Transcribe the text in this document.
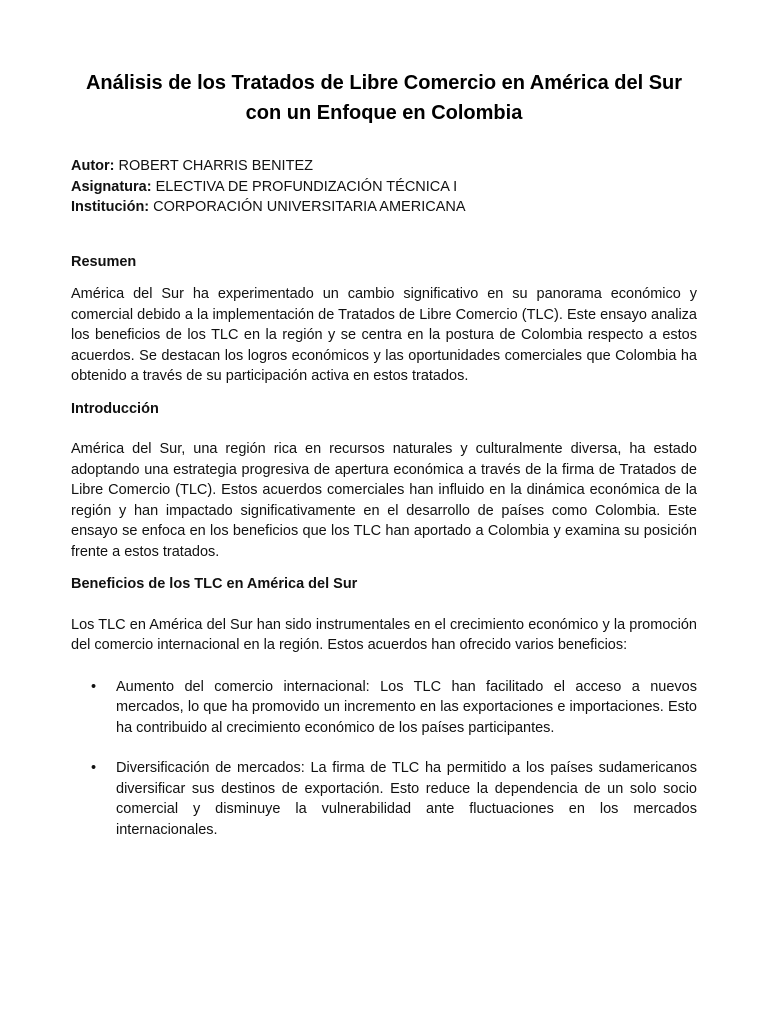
Análisis de los Tratados de Libre Comercio en América del Sur
con un Enfoque en Colombia
Autor: ROBERT CHARRIS BENITEZ
Asignatura: ELECTIVA DE PROFUNDIZACIÓN TÉCNICA I
Institución: CORPORACIÓN UNIVERSITARIA AMERICANA
Resumen

América del Sur ha experimentado un cambio significativo en su panorama económico y comercial debido a la implementación de Tratados de Libre Comercio (TLC). Este ensayo analiza los beneficios de los TLC en la región y se centra en la postura de Colombia respecto a estos acuerdos. Se destacan los logros económicos y las oportunidades comerciales que Colombia ha obtenido a través de su participación activa en estos tratados.

Introducción

América del Sur, una región rica en recursos naturales y culturalmente diversa, ha estado adoptando una estrategia progresiva de apertura económica a través de la firma de Tratados de Libre Comercio (TLC). Estos acuerdos comerciales han influido en la dinámica económica de la región y han impactado significativamente en el desarrollo de países como Colombia. Este ensayo se enfoca en los beneficios que los TLC han aportado a Colombia y examina su posición frente a estos tratados.

Beneficios de los TLC en América del Sur

Los TLC en América del Sur han sido instrumentales en el crecimiento económico y la promoción del comercio internacional en la región. Estos acuerdos han ofrecido varios beneficios:

• Aumento del comercio internacional: Los TLC han facilitado el acceso a nuevos mercados, lo que ha promovido un incremento en las exportaciones e importaciones. Esto ha contribuido al crecimiento económico de los países participantes.
• Diversificación de mercados: La firma de TLC ha permitido a los países sudamericanos diversificar sus destinos de exportación. Esto reduce la dependencia de un solo socio comercial y disminuye la vulnerabilidad ante fluctuaciones en los mercados internacionales.
